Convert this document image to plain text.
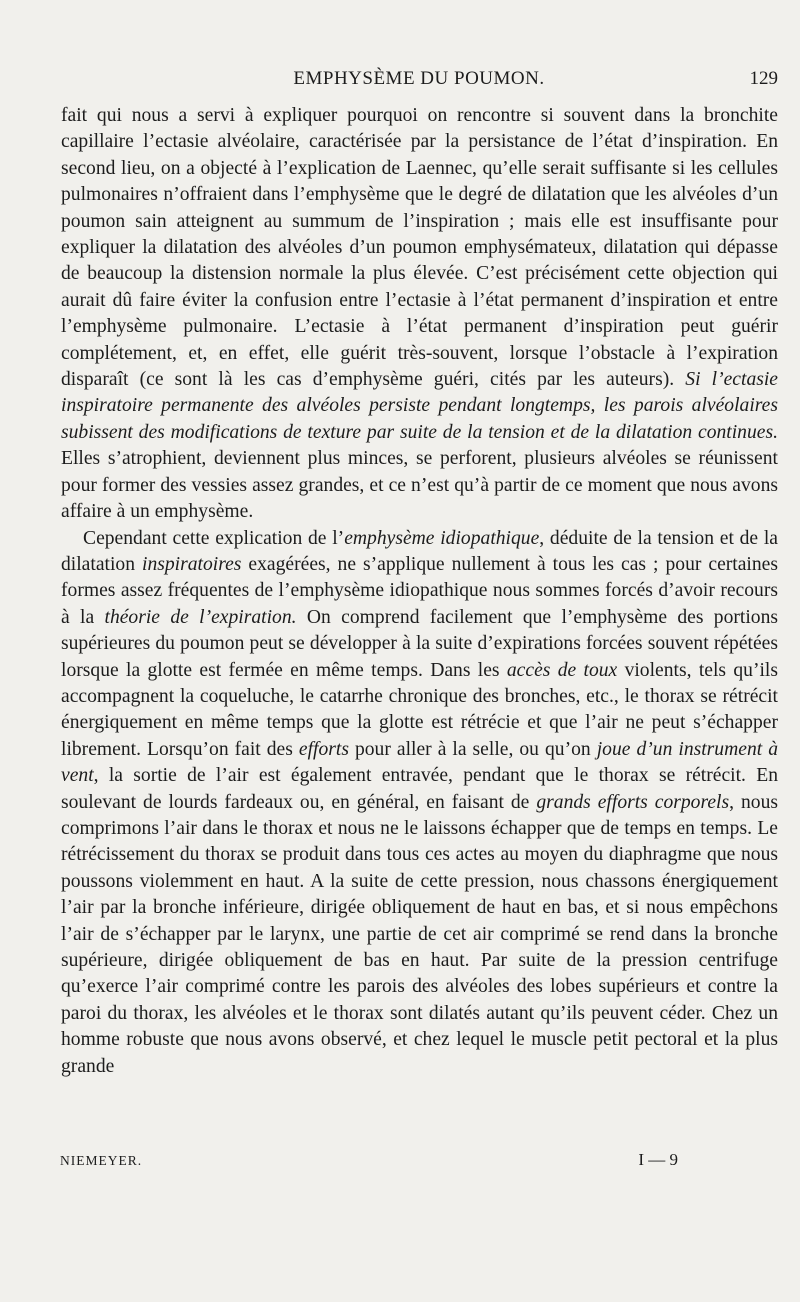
EMPHYSÈME DU POUMON.	129

fait qui nous a servi à expliquer pourquoi on rencontre si souvent dans la bronchite capillaire l’ectasie alvéolaire, caractérisée par la persistance de l’état d’inspiration. En second lieu, on a objecté à l’explication de Laennec, qu’elle serait suffisante si les cellules pulmonaires n’offraient dans l’emphysème que le degré de dilatation que les alvéoles d’un poumon sain atteignent au summum de l’inspiration ; mais elle est insuffisante pour expliquer la dilatation des alvéoles d’un poumon emphysémateux, dilatation qui dépasse de beaucoup la distension normale la plus élevée. C’est précisément cette objection qui aurait dû faire éviter la confusion entre l’ectasie à l’état permanent d’inspiration et entre l’emphysème pulmonaire. L’ectasie à l’état permanent d’inspiration peut guérir complétement, et, en effet, elle guérit très-souvent, lorsque l’obstacle à l’expiration disparaît (ce sont là les cas d’emphysème guéri, cités par les auteurs). Si l’ectasie inspiratoire permanente des alvéoles persiste pendant longtemps, les parois alvéolaires subissent des modifications de texture par suite de la tension et de la dilatation continues. Elles s’atrophient, deviennent plus minces, se perforent, plusieurs alvéoles se réunissent pour former des vessies assez grandes, et ce n’est qu’à partir de ce moment que nous avons affaire à un emphysème.

Cependant cette explication de l’emphysème idiopathique, déduite de la tension et de la dilatation inspiratoires exagérées, ne s’applique nullement à tous les cas ; pour certaines formes assez fréquentes de l’emphysème idiopathique nous sommes forcés d’avoir recours à la théorie de l’expiration. On comprend facilement que l’emphysème des portions supérieures du poumon peut se développer à la suite d’expirations forcées souvent répétées lorsque la glotte est fermée en même temps. Dans les accès de toux violents, tels qu’ils accompagnent la coqueluche, le catarrhe chronique des bronches, etc., le thorax se rétrécit énergiquement en même temps que la glotte est rétrécie et que l’air ne peut s’échapper librement. Lorsqu’on fait des efforts pour aller à la selle, ou qu’on joue d’un instrument à vent, la sortie de l’air est également entravée, pendant que le thorax se rétrécit. En soulevant de lourds fardeaux ou, en général, en faisant de grands efforts corporels, nous comprimons l’air dans le thorax et nous ne le laissons échapper que de temps en temps. Le rétrécissement du thorax se produit dans tous ces actes au moyen du diaphragme que nous poussons violemment en haut. A la suite de cette pression, nous chassons énergiquement l’air par la bronche inférieure, dirigée obliquement de haut en bas, et si nous empêchons l’air de s’échapper par le larynx, une partie de cet air comprimé se rend dans la bronche supérieure, dirigée obliquement de bas en haut. Par suite de la pression centrifuge qu’exerce l’air comprimé contre les parois des alvéoles des lobes supérieurs et contre la paroi du thorax, les alvéoles et le thorax sont dilatés autant qu’ils peuvent céder. Chez un homme robuste que nous avons observé, et chez lequel le muscle petit pectoral et la plus grande

NIEMEYER.	I — 9
